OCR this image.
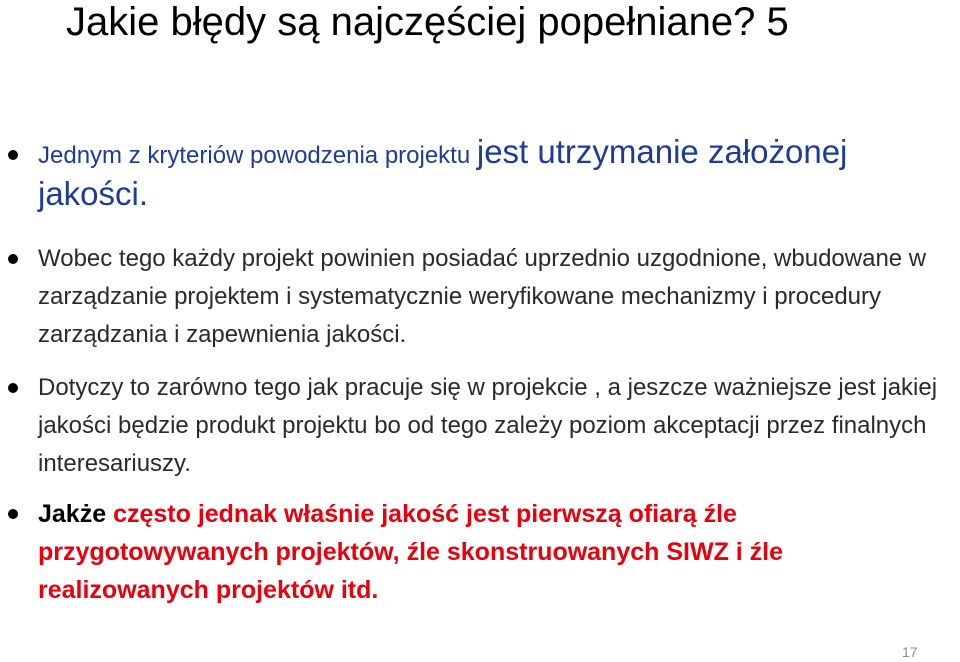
Jakie błędy są najczęściej popełniane? 5
Jednym z kryteriów powodzenia projektu jest utrzymanie założonej jakości.
Wobec tego każdy projekt powinien posiadać uprzednio uzgodnione, wbudowane w zarządzanie projektem i systematycznie weryfikowane mechanizmy i procedury zarządzania i zapewnienia jakości.
Dotyczy to zarówno tego jak pracuje się w projekcie , a jeszcze ważniejsze jest jakiej jakości będzie produkt projektu bo od tego zależy poziom akceptacji przez finalnych interesariuszy.
Jakże często jednak właśnie jakość jest pierwszą ofiarą źle przygotowywanych projektów, źle skonstruowanych SIWZ i źle realizowanych projektów itd.
17
